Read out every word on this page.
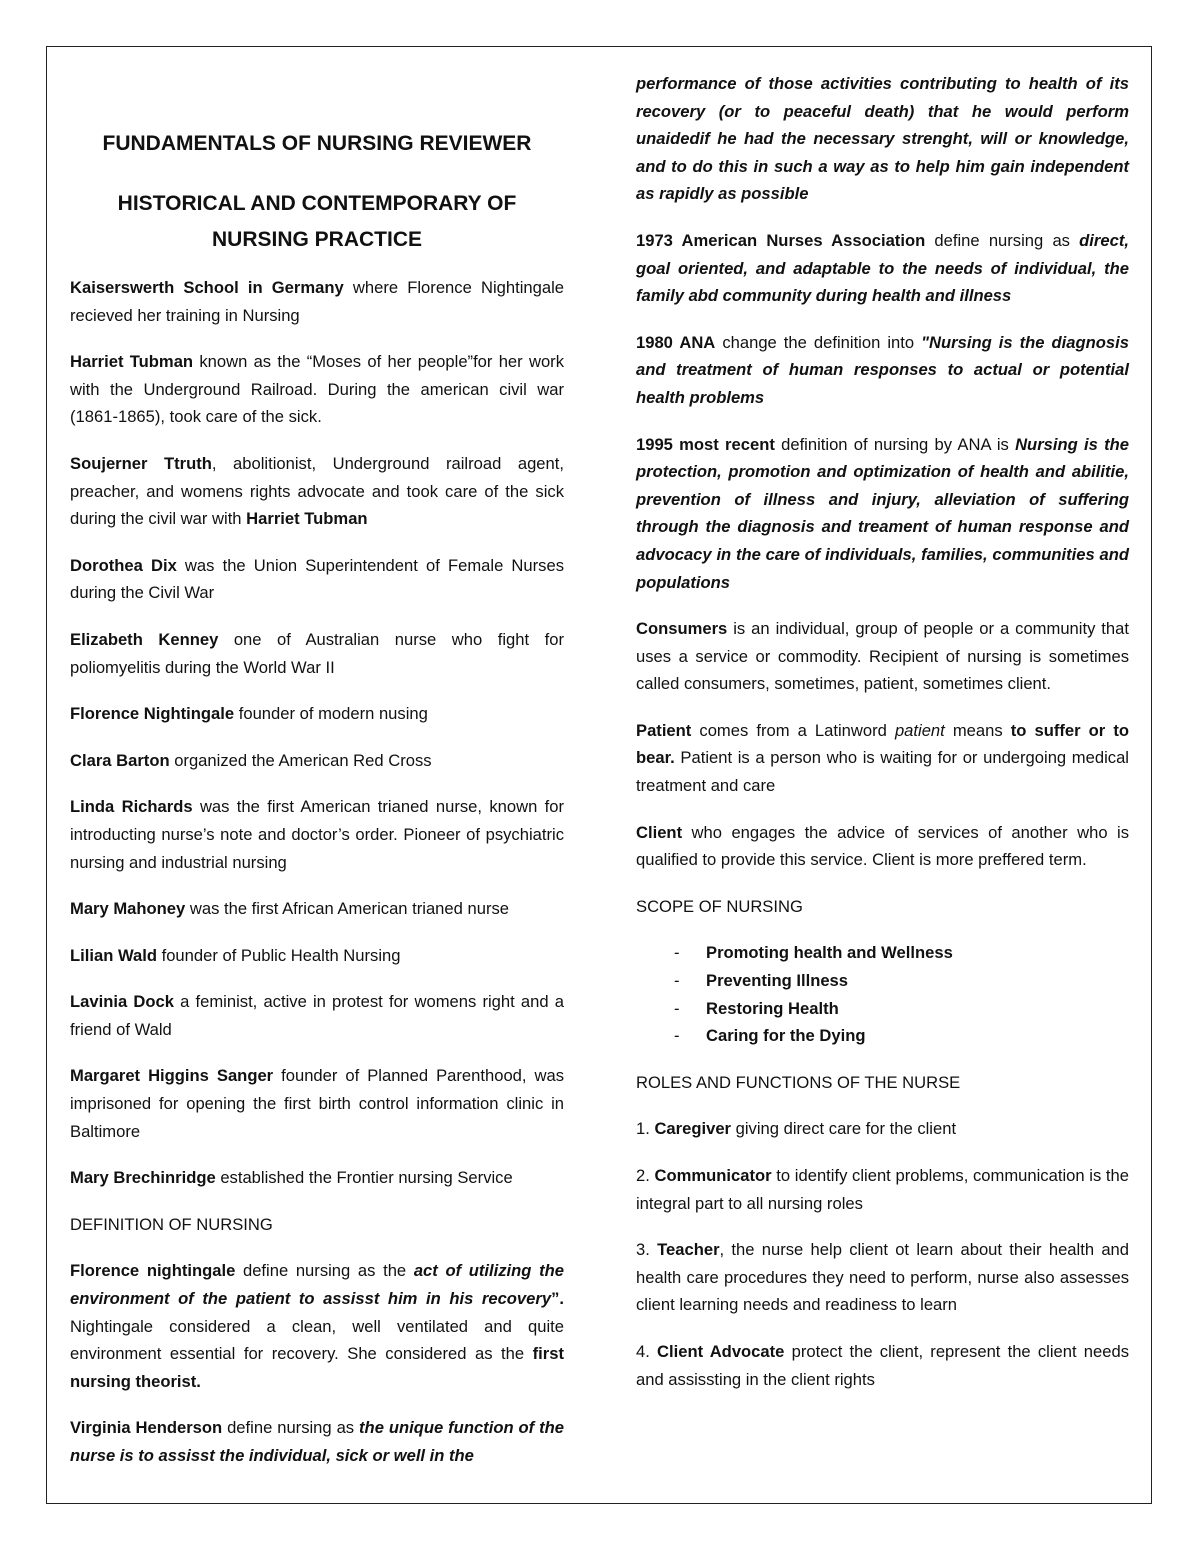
FUNDAMENTALS OF NURSING REVIEWER
HISTORICAL AND CONTEMPORARY OF
NURSING PRACTICE

Kaiserswerth School in Germany where Florence Nightingale recieved her training in Nursing

Harriet Tubman known as the “Moses of her people”for her work with the Underground Railroad. During the american civil war (1861-1865), took care of the sick.

Soujerner Ttruth, abolitionist, Underground railroad agent, preacher, and womens rights advocate and took care of the sick during the civil war with Harriet Tubman

Dorothea Dix was the Union Superintendent of Female Nurses during the Civil War

Elizabeth Kenney one of Australian nurse who fight for poliomyelitis during the World War II

Florence Nightingale founder of modern nusing

Clara Barton organized the American Red Cross

Linda Richards was the first American trianed nurse, known for introducting nurse’s note and doctor’s order. Pioneer of psychiatric nursing and industrial nursing

Mary Mahoney was the first African American trianed nurse

Lilian Wald founder of Public Health Nursing

Lavinia Dock a feminist, active in protest for womens right and a friend of Wald

Margaret Higgins Sanger founder of Planned Parenthood, was imprisoned for opening the first birth control information clinic in Baltimore

Mary Brechinridge established the Frontier nursing Service

DEFINITION OF NURSING

Florence nightingale define nursing as the act of utilizing the environment of the patient to assisst him in his recovery”. Nightingale considered a clean, well ventilated and quite environment essential for recovery. She considered as the first nursing theorist.

Virginia Henderson define nursing as the unique function of the nurse is to assisst the individual, sick or well in the

performance of those activities contributing to health of its recovery (or to peaceful death) that he would perform unaidedif he had the necessary strenght, will or knowledge, and to do this in such a way as to help him gain independent as rapidly as possible

1973 American Nurses Association define nursing as direct, goal oriented, and adaptable to the needs of individual, the family abd community during health and illness

1980 ANA change the definition into "Nursing is the diagnosis and treatment of human responses to actual or potential health problems

1995 most recent definition of nursing by ANA is Nursing is the protection, promotion and optimization of health and abilitie, prevention of illness and injury, alleviation of suffering through the diagnosis and treament of human response and advocacy in the care of individuals, families, communities and populations

Consumers is an individual, group of people or a community that uses a service or commodity. Recipient of nursing is sometimes called consumers, sometimes, patient, sometimes client.

Patient comes from a Latinword patient means to suffer or to bear. Patient is a person who is waiting for or undergoing medical treatment and care

Client who engages the advice of services of another who is qualified to provide this service. Client is more preffered term.

SCOPE OF NURSING
- Promoting health and Wellness
- Preventing Illness
- Restoring Health
- Caring for the Dying
ROLES AND FUNCTIONS OF THE NURSE

1. Caregiver giving direct care for the client

2. Communicator to identify client problems, communication is the integral part to all nursing roles

3. Teacher, the nurse help client ot learn about their health and health care procedures they need to perform, nurse also assesses client learning needs and readiness to learn

4. Client Advocate protect the client, represent the client needs and assissting in the client rights
